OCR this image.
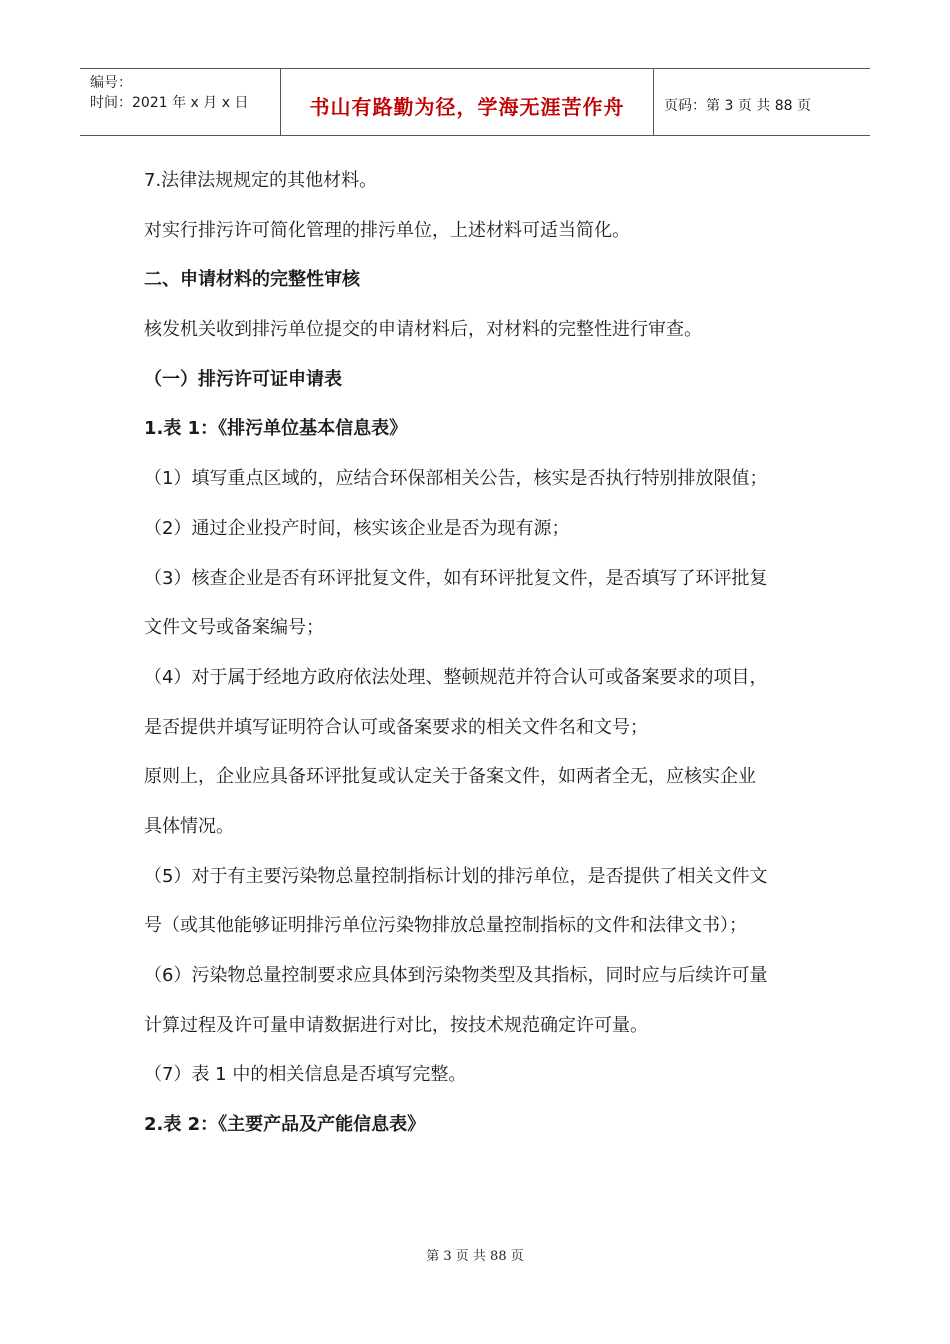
编号：
时间：2021 年 x 月 x 日	书山有路勤为径，学海无涯苦作舟	页码：第 3 页 共 88 页
7.法律法规规定的其他材料。
对实行排污许可简化管理的排污单位，上述材料可适当简化。
二、申请材料的完整性审核
核发机关收到排污单位提交的申请材料后，对材料的完整性进行审查。
（一）排污许可证申请表
1.表 1：《排污单位基本信息表》
（1）填写重点区域的，应结合环保部相关公告，核实是否执行特别排放限值；
（2）通过企业投产时间，核实该企业是否为现有源；
（3）核查企业是否有环评批复文件，如有环评批复文件，是否填写了环评批复
文件文号或备案编号；
（4）对于属于经地方政府依法处理、整顿规范并符合认可或备案要求的项目，
是否提供并填写证明符合认可或备案要求的相关文件名和文号；
原则上，企业应具备环评批复或认定关于备案文件，如两者全无，应核实企业
具体情况。
（5）对于有主要污染物总量控制指标计划的排污单位，是否提供了相关文件文
号（或其他能够证明排污单位污染物排放总量控制指标的文件和法律文书）；
（6）污染物总量控制要求应具体到污染物类型及其指标，同时应与后续许可量
计算过程及许可量申请数据进行对比，按技术规范确定许可量。
（7）表 1 中的相关信息是否填写完整。
2.表 2：《主要产品及产能信息表》
第 3 页 共 88 页
